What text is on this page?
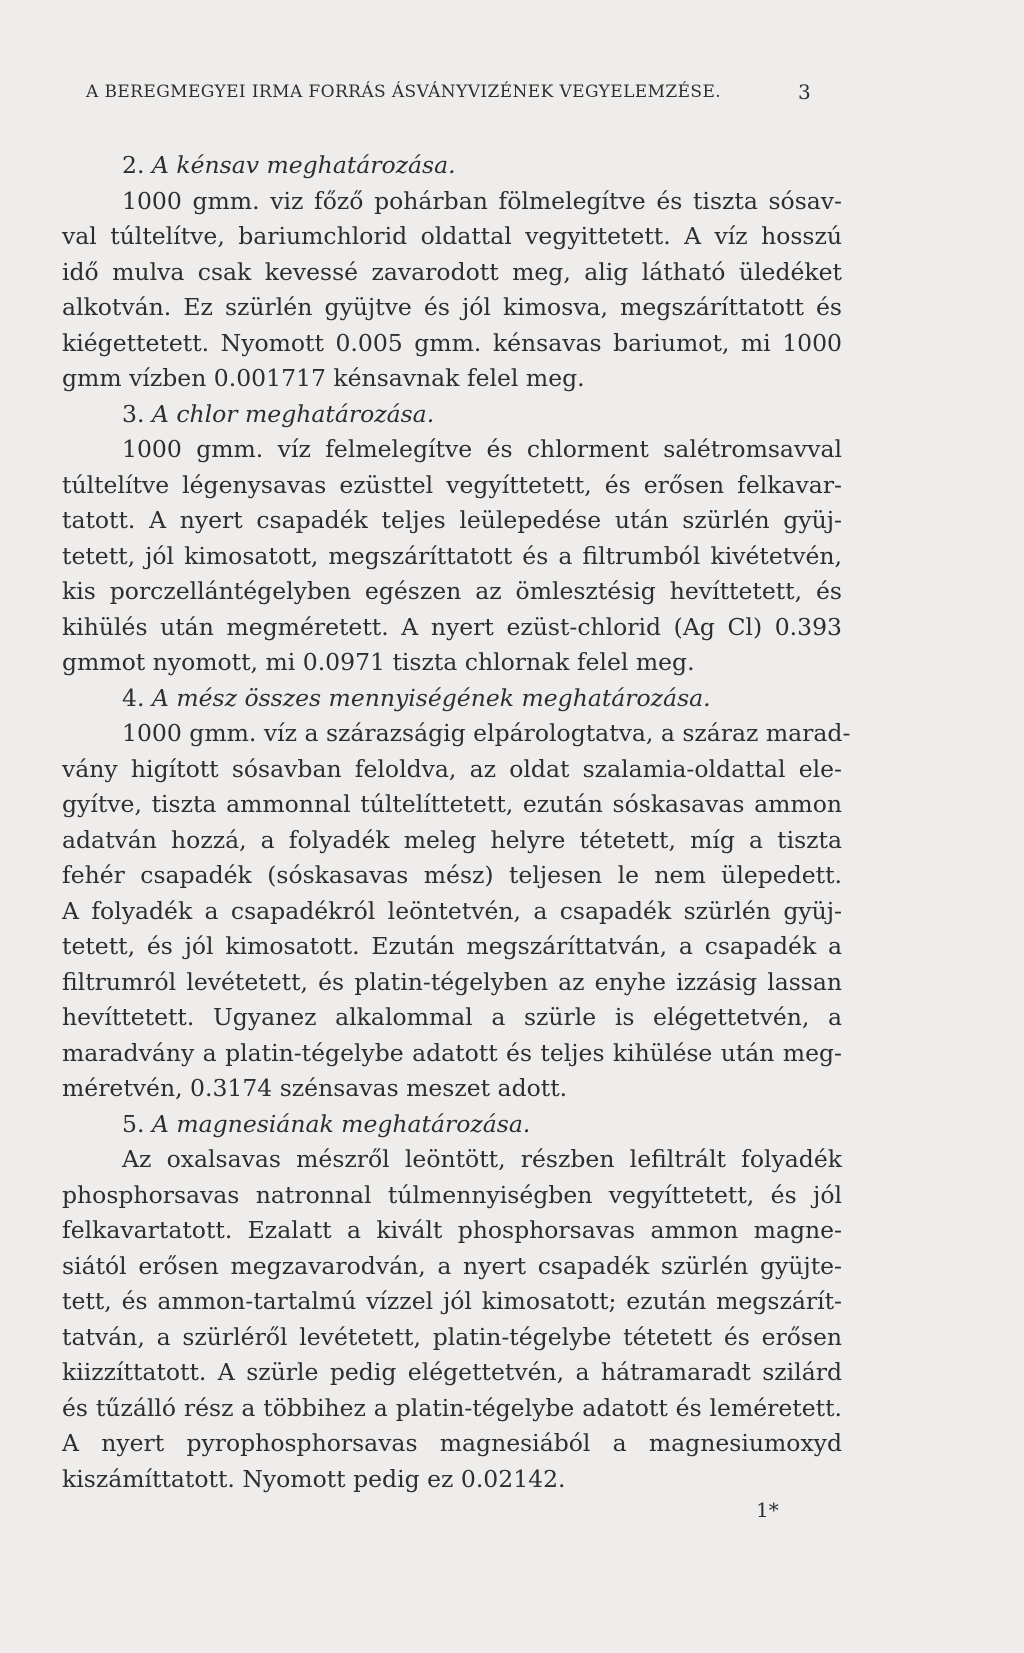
A BEREGMEGYEI IRMA FORRÁS ÁSVÁNYVIZÉNEK VEGYELEMZÉSE.	3
2. A kénsav meghatározása.
1000 gmm. viz főző pohárban fölmelegítve és tiszta sósav-
val túltelítve, bariumchlorid oldattal vegyittetett. A víz hosszú
idő mulva csak kevessé zavarodott meg, alig látható üledéket
alkotván. Ez szürlén gyüjtve és jól kimosva, megszáríttatott és
kiégettetett. Nyomott 0.005 gmm. kénsavas bariumot, mi 1000
gmm vízben 0.001717 kénsavnak felel meg.
3. A chlor meghatározása.
1000 gmm. víz felmelegítve és chlorment salétromsavval
túltelítve légenysavas ezüsttel vegyíttetett, és erősen felkavar-
tatott. A nyert csapadék teljes leülepedése után szürlén gyüj-
tetett, jól kimosatott, megszáríttatott és a filtrumból kivétetvén,
kis porczellántégelyben egészen az ömlesztésig hevíttetett, és
kihülés után megméretett. A nyert ezüst-chlorid (Ag Cl) 0.393
gmmot nyomott, mi 0.0971 tiszta chlornak felel meg.
4. A mész összes mennyiségének meghatározása.
1000 gmm. víz a szárazságig elpárologtatva, a száraz marad-
vány higított sósavban feloldva, az oldat szalamia-oldattal ele-
gyítve, tiszta ammonnal túltelíttetett, ezután sóskasavas ammon
adatván hozzá, a folyadék meleg helyre tétetett, míg a tiszta
fehér csapadék (sóskasavas mész) teljesen le nem ülepedett.
A folyadék a csapadékról leöntetvén, a csapadék szürlén gyüj-
tetett, és jól kimosatott. Ezután megszáríttatván, a csapadék a
filtrumról levétetett, és platin-tégelyben az enyhe izzásig lassan
hevíttetett. Ugyanez alkalommal a szürle is elégettetvén, a
maradvány a platin-tégelybe adatott és teljes kihülése után meg-
méretvén, 0.3174 szénsavas meszet adott.
5. A magnesiának meghatározása.
Az oxalsavas mészről leöntött, részben lefiltrált folyadék
phosphorsavas natronnal túlmennyiségben vegyíttetett, és jól
felkavartatott. Ezalatt a kivált phosphorsavas ammon magne-
siától erősen megzavarodván, a nyert csapadék szürlén gyüjte-
tett, és ammon-tartalmú vízzel jól kimosatott; ezután megszárít-
tatván, a szürléről levétetett, platin-tégelybe tétetett és erősen
kiizzíttatott. A szürle pedig elégettetvén, a hátramaradt szilárd
és tűzálló rész a többihez a platin-tégelybe adatott és leméretett.
A nyert pyrophosphorsavas magnesiából a magnesiumoxyd
kiszámíttatott. Nyomott pedig ez 0.02142.
1*
